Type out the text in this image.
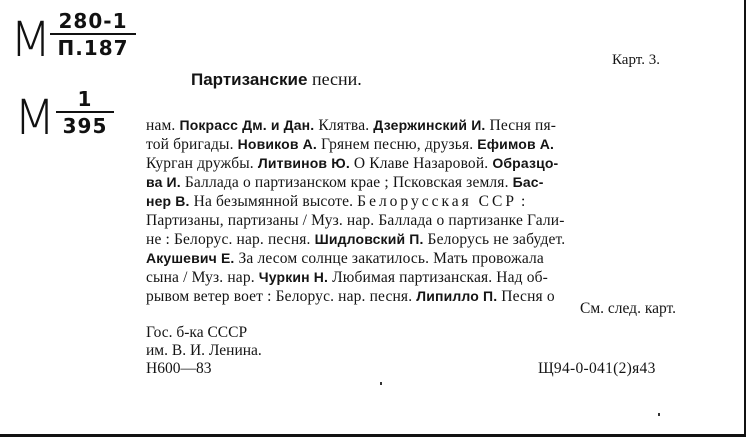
М 280-1
П.187
М	1
395
Карт. 3.
Партизанские песни.
нам. Покрасс Дм. и Дан. Клятва. Дзержинский И. Песня пя-
той бригады. Новиков А. Грянем песню, друзья. Ефимов А.
Курган дружбы. Литвинов Ю. О Клаве Назаровой. Образцо-
ва И. Баллада о партизанском крае ; Псковская земля. Бас-
нер В. На безымянной высоте. Белорусская ССР :
Партизаны, партизаны / Муз. нар. Баллада о партизанке Гали-
не : Белорус. нар. песня. Шидловский П. Белорусь не забудет.
Акушевич Е. За лесом солнце закатилось. Мать провожала
сына / Муз. нар. Чуркин Н. Любимая партизанская. Над об-
рывом ветер воет : Белорус. нар. песня. Липилло П. Песня о
См. след. карт.
Гос. б-ка СССР
им. В. И. Ленина.
Н600—83	Щ94-0-041(2)я43
